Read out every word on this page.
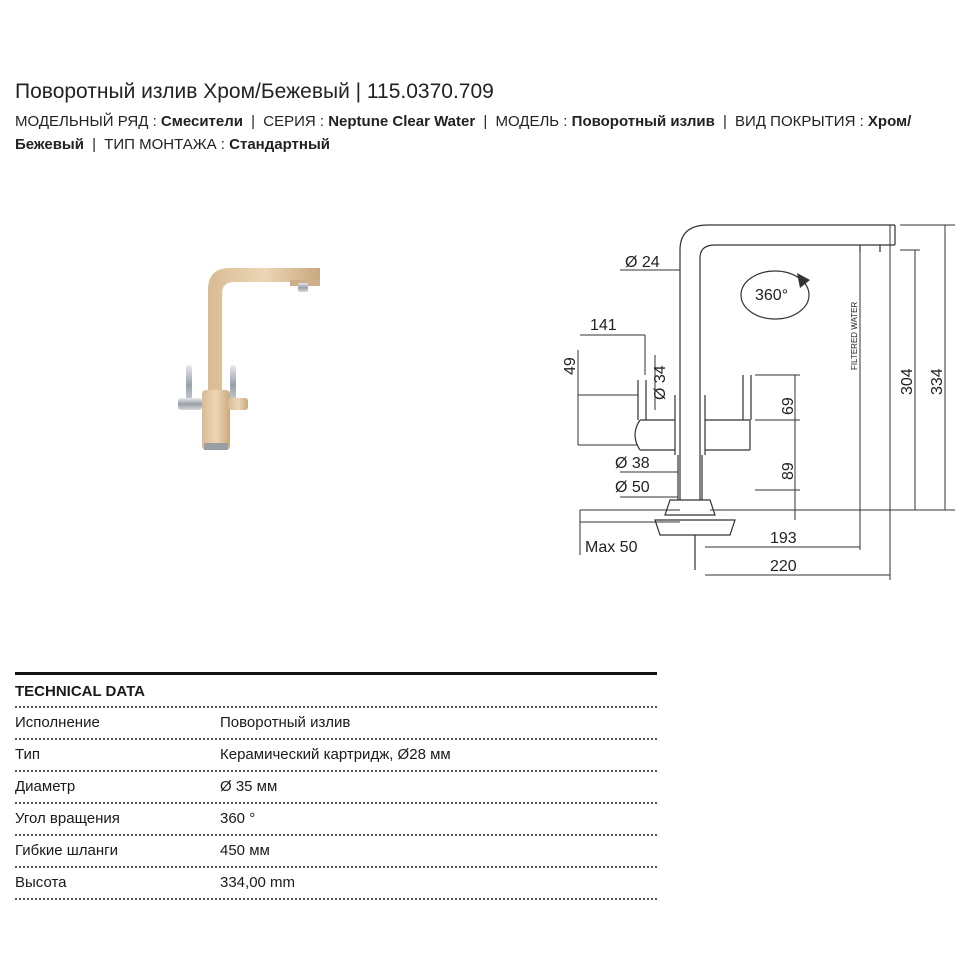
Поворотный излив Хром/Бежевый | 115.0370.709
МОДЕЛЬНЫЙ РЯД : Смесители | СЕРИЯ : Neptune Clear Water | МОДЕЛЬ : Поворотный излив | ВИД ПОКРЫТИЯ : Хром/Бежевый | ТИП МОНТАЖА : Стандартный
Ø 24
360°
141
49	Ø 34
FILTERED WATER
304 334
69
89
Ø 38
Ø 50
Max 50
193
220
TECHNICAL DATA
Исполнение	Поворотный излив
Тип	Керамический картридж, Ø28 мм
Диаметр	Ø 35 мм
Угол вращения	360 °
Гибкие шланги	450 мм
Высота	334,00 mm
